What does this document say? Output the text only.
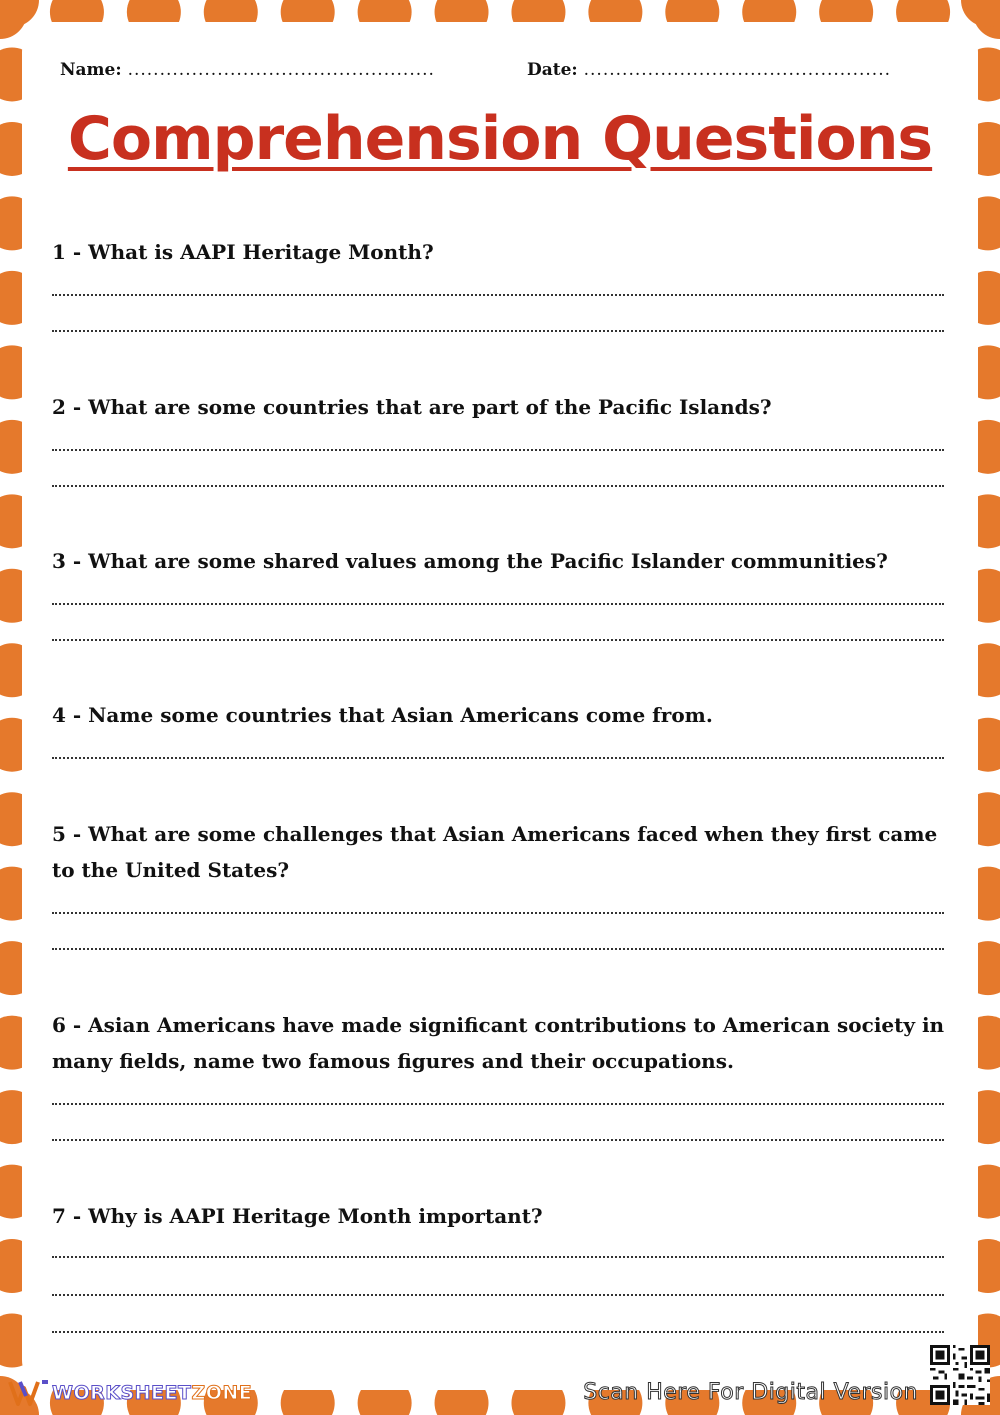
Name: ................................................	Date: ................................................
Comprehension Questions
1 - What is AAPI Heritage Month?
2 - What are some countries that are part of the Pacific Islands?
3 - What are some shared values among the Pacific Islander communities?
4 - Name some countries that Asian Americans come from.
5 - What are some challenges that Asian Americans faced when they first came to the United States?
6 - Asian Americans have made significant contributions to American society in many fields, name two famous figures and their occupations.
7 - Why is AAPI Heritage Month important?
WORKSHEETZONE	Scan Here For Digital Version
